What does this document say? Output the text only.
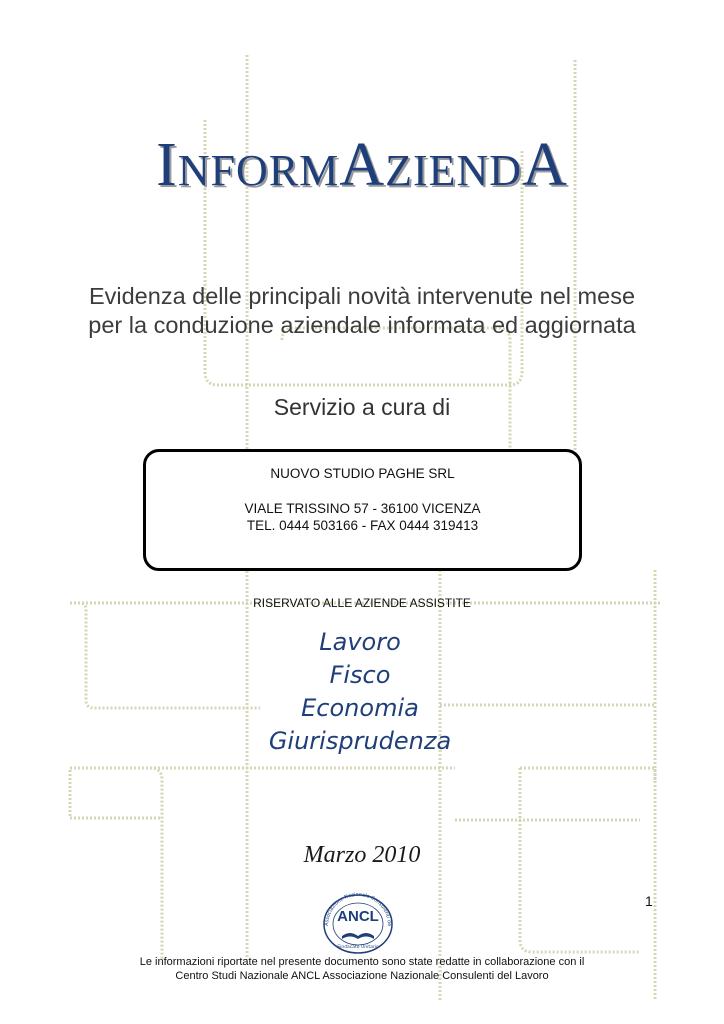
INFORMAZIENDA
Evidenza delle principali novità intervenute nel mese
per la conduzione aziendale informata ed aggiornata
Servizio a cura di
NUOVO STUDIO PAGHE SRL
VIALE TRISSINO 57 - 36100 VICENZA
TEL. 0444 503166 - FAX 0444 319413
RISERVATO ALLE AZIENDE ASSISTITE
Lavoro
Fisco
Economia
Giurisprudenza
Marzo 2010
1
Associazione Nazionale Consulenti de
ANCL
Sindacato Unitario
Le informazioni riportate nel presente documento sono state redatte in collaborazione con il
Centro Studi Nazionale ANCL Associazione Nazionale Consulenti del Lavoro
